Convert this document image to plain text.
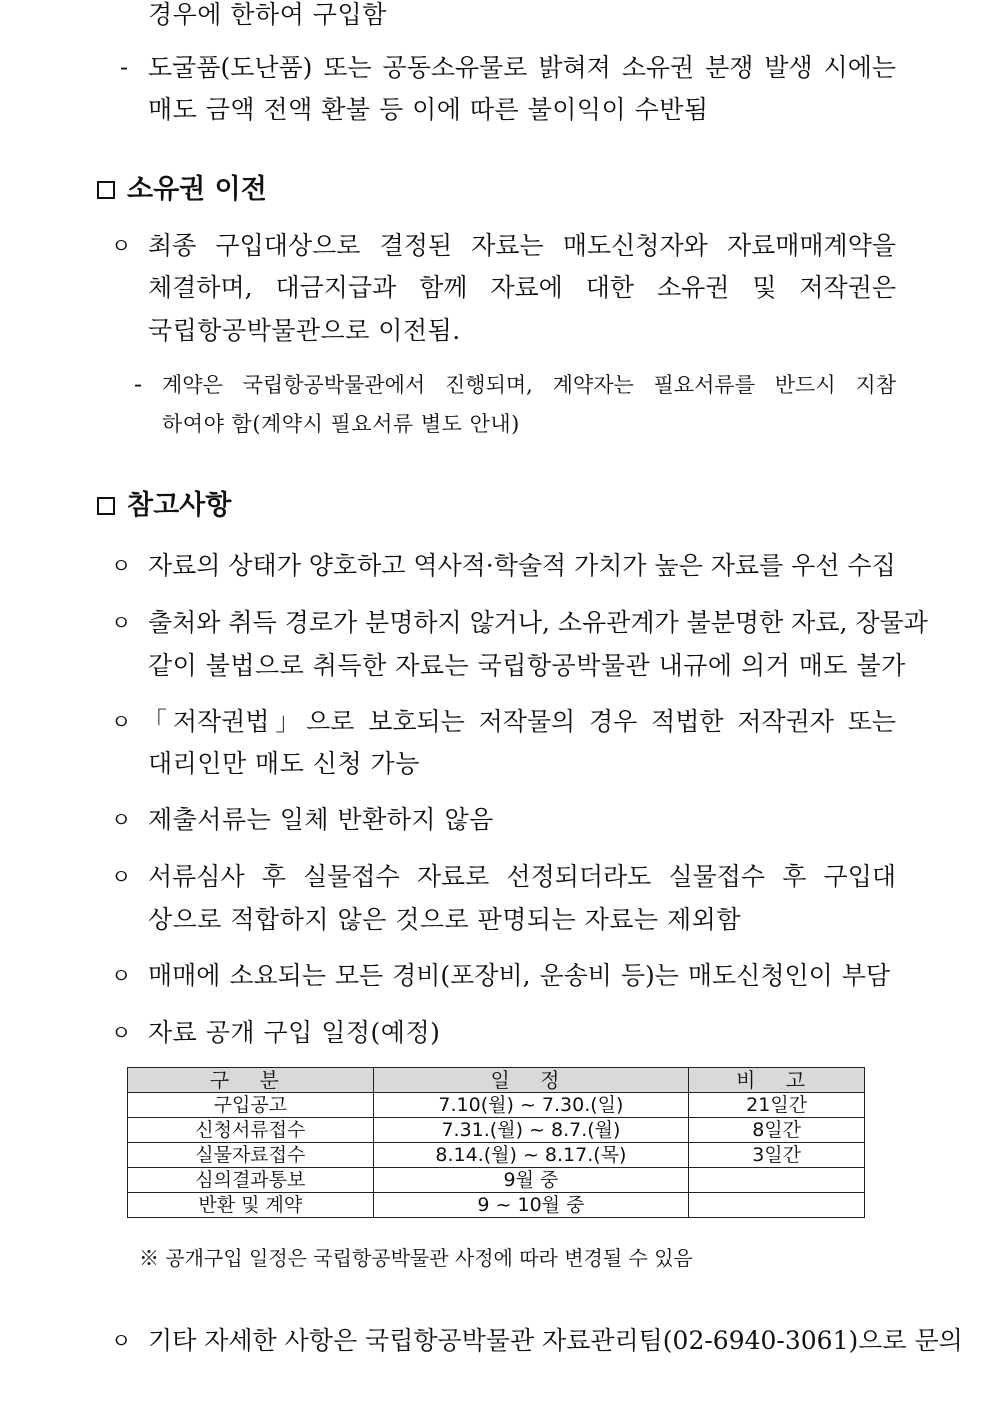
경우에 한하여 구입함
- 도굴품(도난품) 또는 공동소유물로 밝혀져 소유권 분쟁 발생 시에는
매도 금액 전액 환불 등 이에 따른 불이익이 수반됨
소유권 이전
ㅇ 최종 구입대상으로 결정된 자료는 매도신청자와 자료매매계약을
체결하며, 대금지급과 함께 자료에 대한 소유권 및 저작권은
국립항공박물관으로 이전됨.
- 계약은 국립항공박물관에서 진행되며, 계약자는 필요서류를 반드시 지참
하여야 함(계약시 필요서류 별도 안내)
참고사항
ㅇ 자료의 상태가 양호하고 역사적·학술적 가치가 높은 자료를 우선 수집
ㅇ 출처와 취득 경로가 분명하지 않거나, 소유관계가 불분명한 자료, 장물과
같이 불법으로 취득한 자료는 국립항공박물관 내규에 의거 매도 불가
ㅇ 「저작권법」으로 보호되는 저작물의 경우 적법한 저작권자 또는
대리인만 매도 신청 가능
ㅇ 제출서류는 일체 반환하지 않음
ㅇ 서류심사 후 실물접수 자료로 선정되더라도 실물접수 후 구입대
상으로 적합하지 않은 것으로 판명되는 자료는 제외함
ㅇ 매매에 소요되는 모든 경비(포장비, 운송비 등)는 매도신청인이 부담
ㅇ 자료 공개 구입 일정(예정)
구 분	일 정	비 고
구입공고	7.10(월) ~ 7.30.(일)	21일간
신청서류접수	7.31.(월) ~ 8.7.(월)	8일간
실물자료접수	8.14.(월) ~ 8.17.(목)	3일간
심의결과통보	9월 중	
반환 및 계약	9 ~ 10월 중	
※ 공개구입 일정은 국립항공박물관 사정에 따라 변경될 수 있음
ㅇ 기타 자세한 사항은 국립항공박물관 자료관리팀(02-6940-3061)으로 문의
